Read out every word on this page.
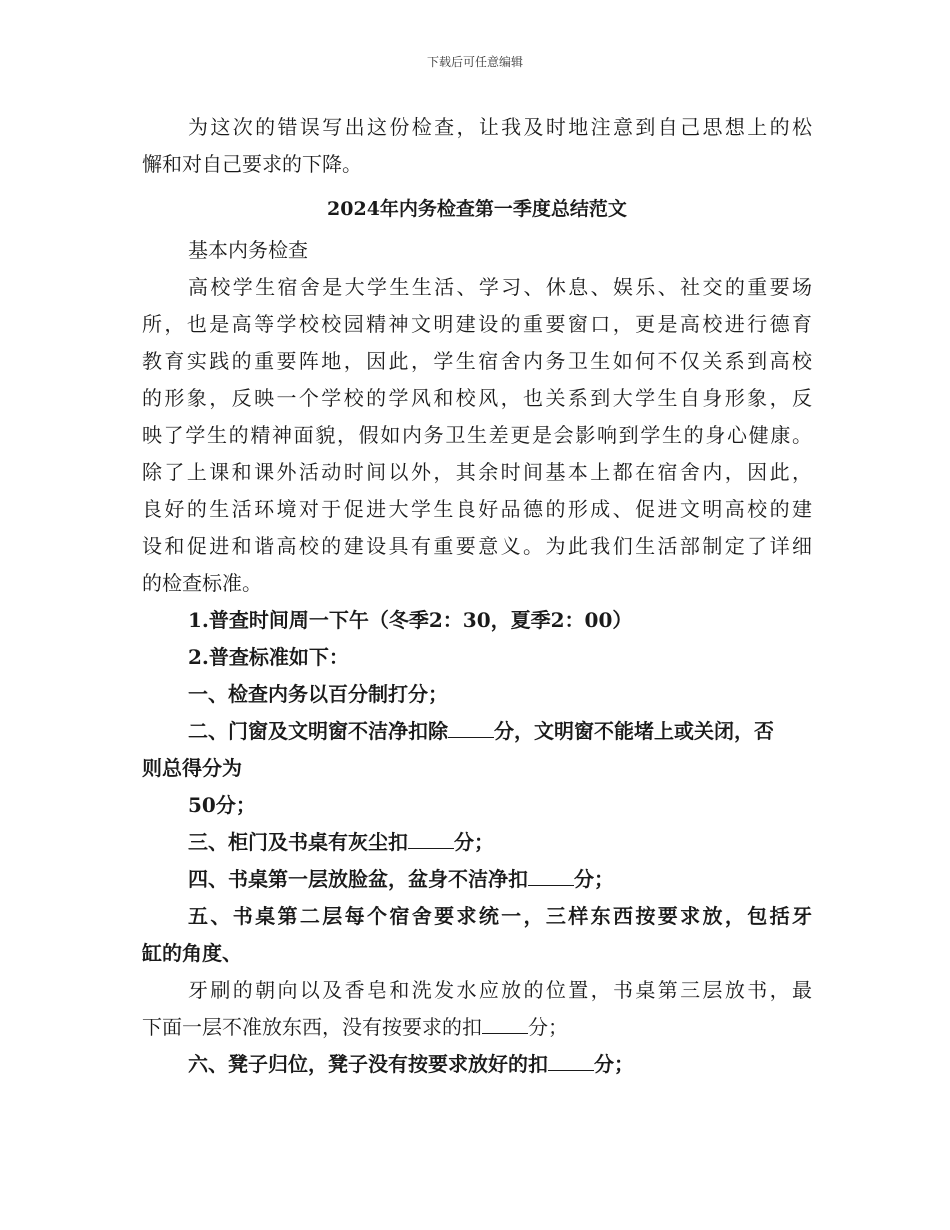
下载后可任意编辑
为这次的错误写出这份检查，让我及时地注意到自己思想上的松
懈和对自己要求的下降。
2024年内务检查第一季度总结范文
基本内务检查
高校学生宿舍是大学生生活、学习、休息、娱乐、社交的重要场
所，也是高等学校校园精神文明建设的重要窗口，更是高校进行德育
教育实践的重要阵地，因此，学生宿舍内务卫生如何不仅关系到高校
的形象，反映一个学校的学风和校风，也关系到大学生自身形象，反
映了学生的精神面貌，假如内务卫生差更是会影响到学生的身心健康。
除了上课和课外活动时间以外，其余时间基本上都在宿舍内，因此，
良好的生活环境对于促进大学生良好品德的形成、促进文明高校的建
设和促进和谐高校的建设具有重要意义。为此我们生活部制定了详细
的检查标准。
1.普查时间周一下午（冬季2：30，夏季2：00）
2.普查标准如下：
一、检查内务以百分制打分；
二、门窗及文明窗不洁净扣除 分，文明窗不能堵上或关闭，否
则总得分为
50分；
三、柜门及书桌有灰尘扣 分；
四、书桌第一层放脸盆，盆身不洁净扣 分；
五、书桌第二层每个宿舍要求统一，三样东西按要求放，包括牙
缸的角度、
牙刷的朝向以及香皂和洗发水应放的位置，书桌第三层放书，最
下面一层不准放东西，没有按要求的扣 分；
六、凳子归位，凳子没有按要求放好的扣 分；
